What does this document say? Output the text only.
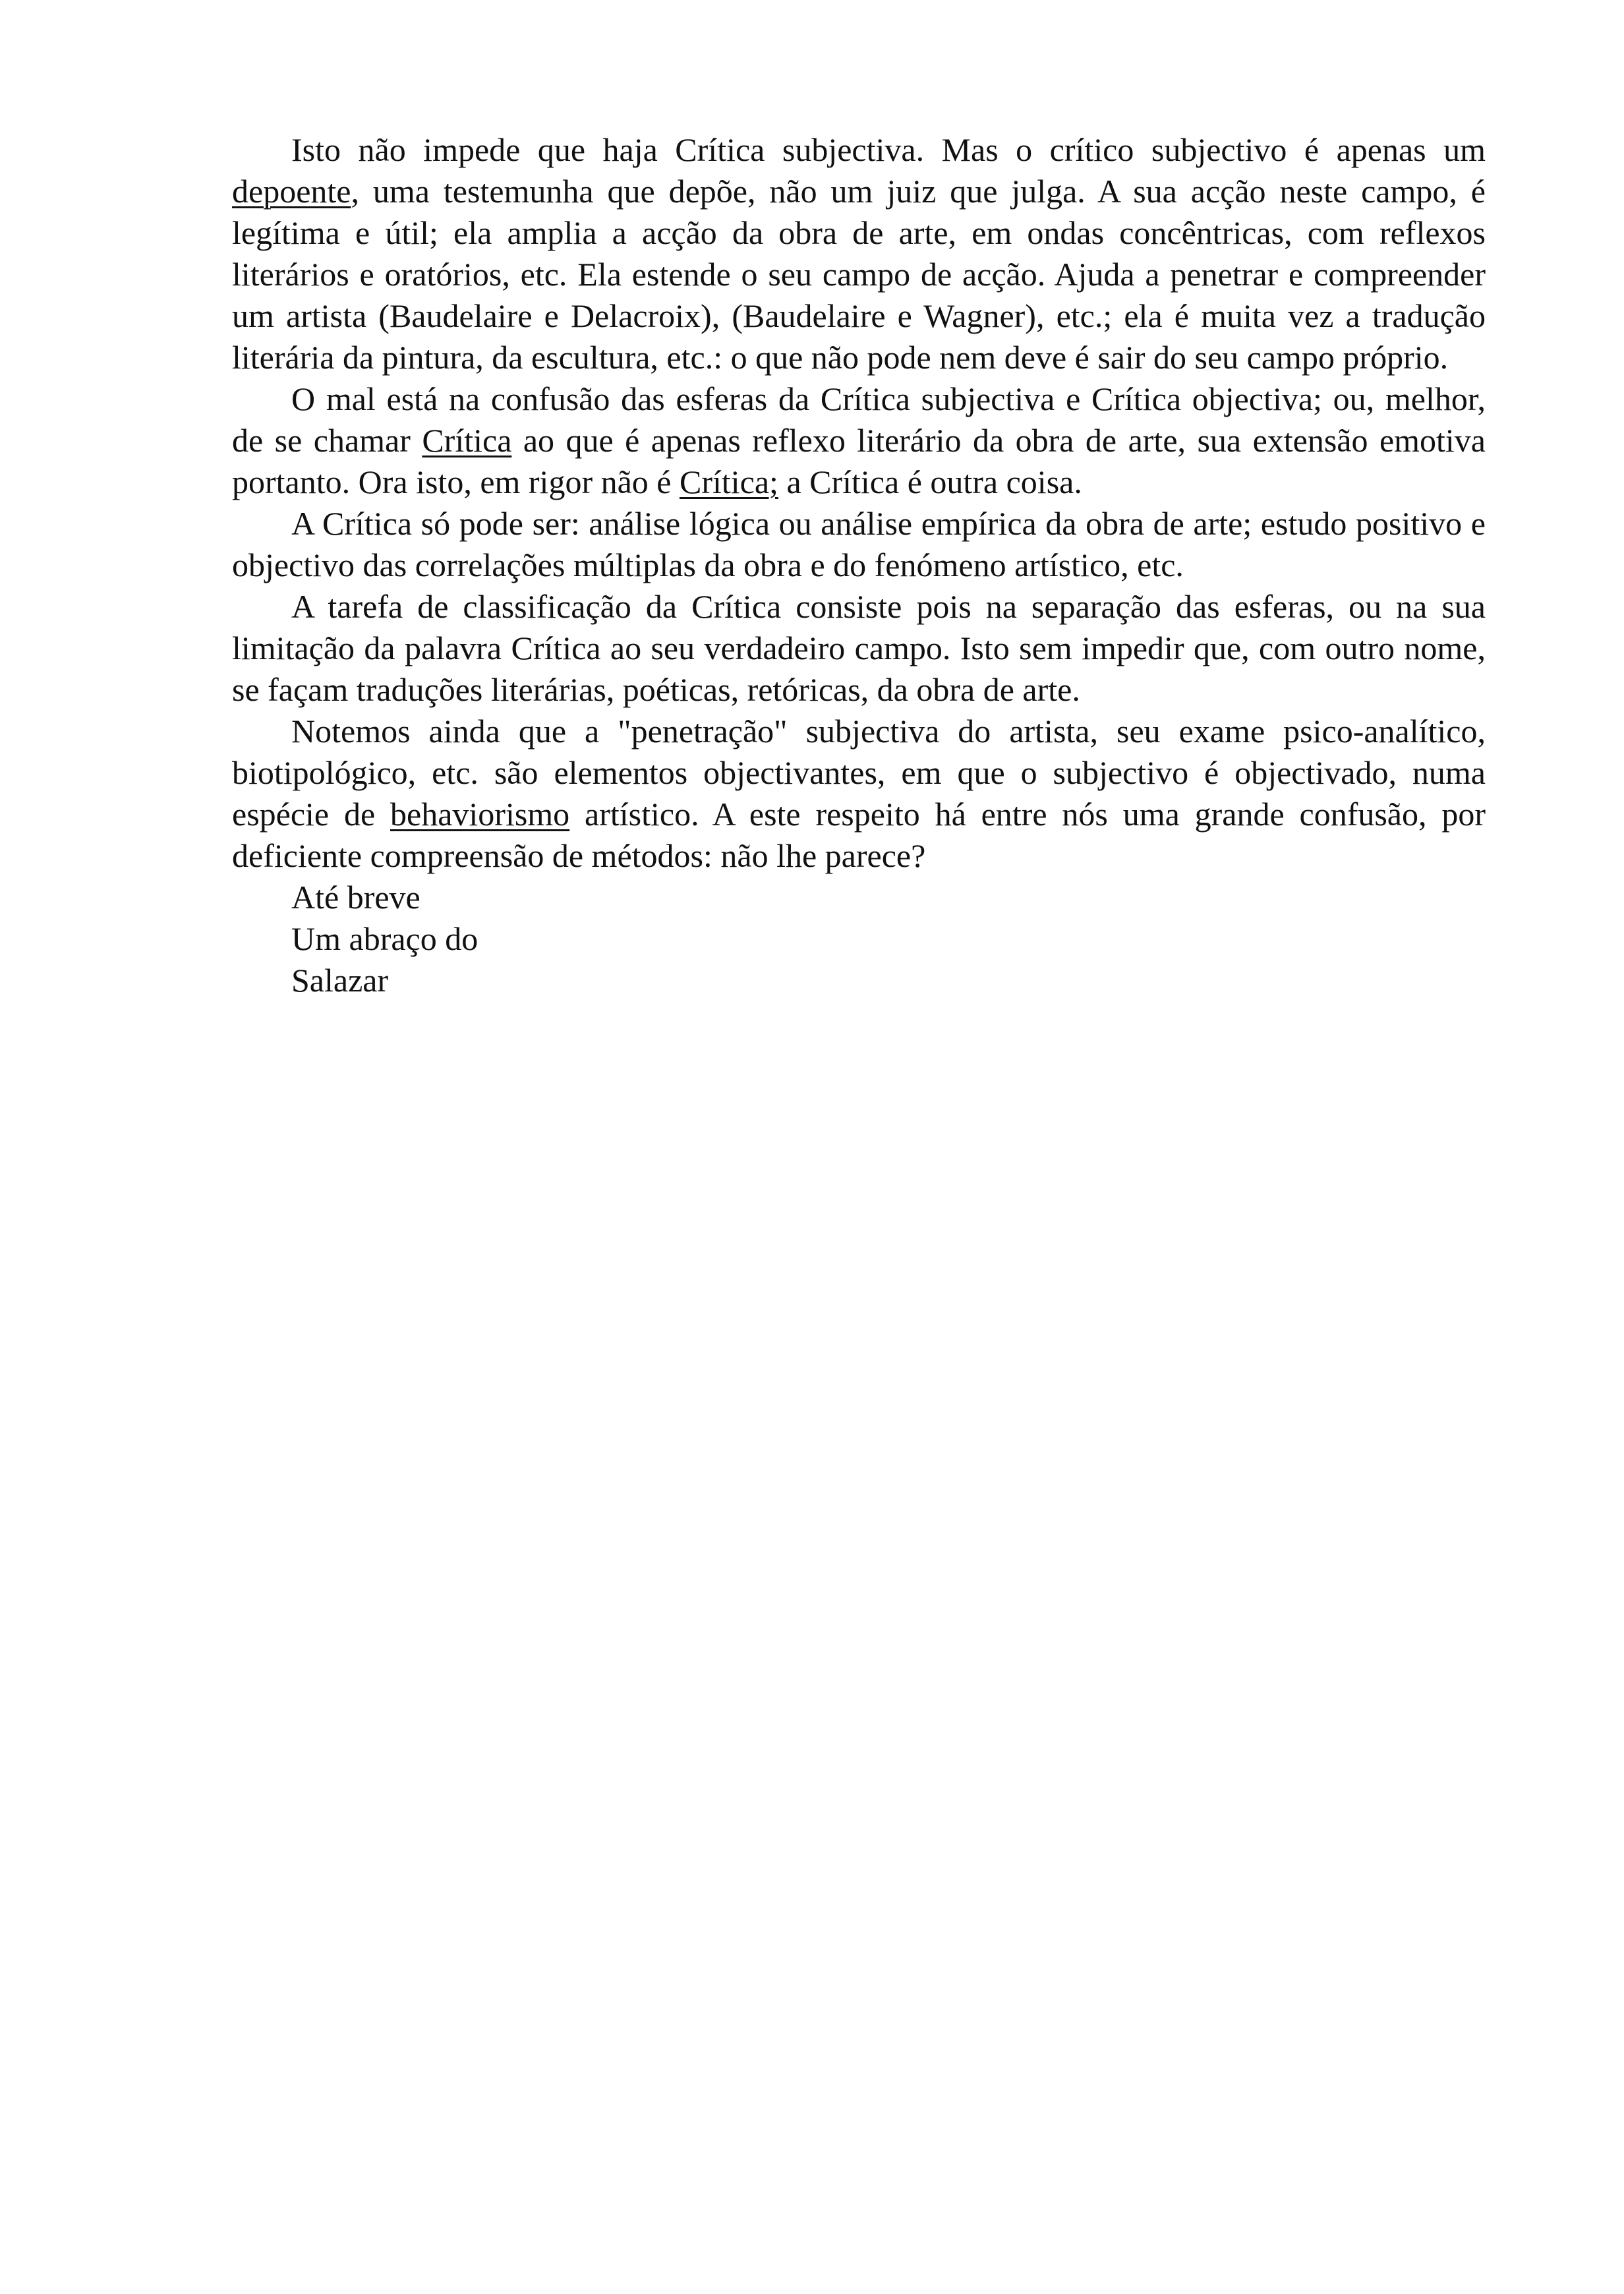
Isto não impede que haja Crítica subjectiva. Mas o crítico subjectivo é apenas um depoente, uma testemunha que depõe, não um juiz que julga. A sua acção neste campo, é legítima e útil; ela amplia a acção da obra de arte, em ondas concêntricas, com reflexos literários e oratórios, etc. Ela estende o seu campo de acção. Ajuda a penetrar e compreender um artista (Baudelaire e Delacroix), (Baudelaire e Wagner), etc.; ela é muita vez a tradução literária da pintura, da escultura, etc.: o que não pode nem deve é sair do seu campo próprio.

O mal está na confusão das esferas da Crítica subjectiva e Crítica objectiva; ou, melhor, de se chamar Crítica ao que é apenas reflexo literário da obra de arte, sua extensão emotiva portanto. Ora isto, em rigor não é Crítica; a Crítica é outra coisa.

A Crítica só pode ser: análise lógica ou análise empírica da obra de arte; estudo positivo e objectivo das correlações múltiplas da obra e do fenómeno artístico, etc.

A tarefa de classificação da Crítica consiste pois na separação das esferas, ou na sua limitação da palavra Crítica ao seu verdadeiro campo. Isto sem impedir que, com outro nome, se façam traduções literárias, poéticas, retóricas, da obra de arte.

Notemos ainda que a "penetração" subjectiva do artista, seu exame psico-analítico, biotipológico, etc. são elementos objectivantes, em que o subjectivo é objectivado, numa espécie de behaviorismo artístico. A este respeito há entre nós uma grande confusão, por deficiente compreensão de métodos: não lhe parece?

Até breve

Um abraço do

Salazar
